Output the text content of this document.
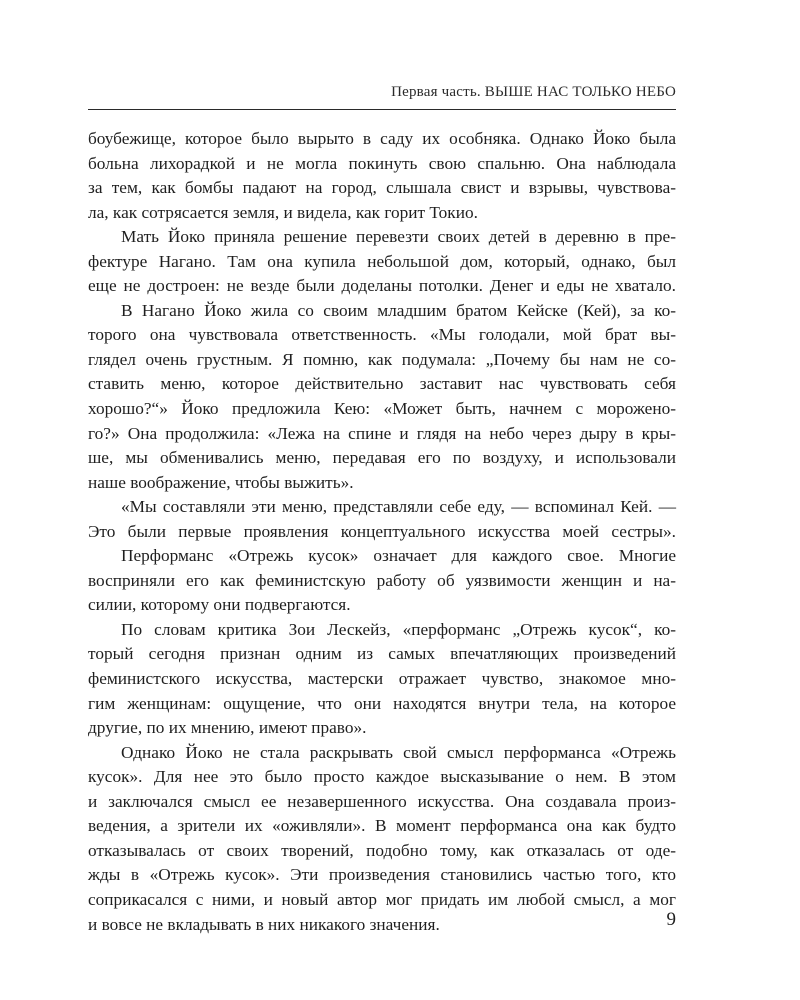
Первая часть. ВЫШЕ НАС ТОЛЬКО НЕБО

боубежище, которое было вырыто в саду их особняка. Однако Йоко была
больна лихорадкой и не могла покинуть свою спальню. Она наблюдала
за тем, как бомбы падают на город, слышала свист и взрывы, чувствова-
ла, как сотрясается земля, и видела, как горит Токио.

Мать Йоко приняла решение перевезти своих детей в деревню в пре-
фектуре Нагано. Там она купила небольшой дом, который, однако, был
еще не достроен: не везде были доделаны потолки. Денег и еды не хватало.

В Нагано Йоко жила со своим младшим братом Кейске (Кей), за ко-
торого она чувствовала ответственность. «Мы голодали, мой брат вы-
глядел очень грустным. Я помню, как подумала: „Почему бы нам не со-
ставить меню, которое действительно заставит нас чувствовать себя
хорошо?“» Йоко предложила Кею: «Может быть, начнем с морожено-
го?» Она продолжила: «Лежа на спине и глядя на небо через дыру в кры-
ше, мы обменивались меню, передавая его по воздуху, и использовали
наше воображение, чтобы выжить».

«Мы составляли эти меню, представляли себе еду, — вспоминал Кей. —
Это были первые проявления концептуального искусства моей сестры».

Перформанс «Отрежь кусок» означает для каждого свое. Многие
восприняли его как феминистскую работу об уязвимости женщин и на-
силии, которому они подвергаются.

По словам критика Зои Лескейз, «перформанс „Отрежь кусок“, ко-
торый сегодня признан одним из самых впечатляющих произведений
феминистского искусства, мастерски отражает чувство, знакомое мно-
гим женщинам: ощущение, что они находятся внутри тела, на которое
другие, по их мнению, имеют право».

Однако Йоко не стала раскрывать свой смысл перформанса «Отрежь
кусок». Для нее это было просто каждое высказывание о нем. В этом
и заключался смысл ее незавершенного искусства. Она создавала произ-
ведения, а зрители их «оживляли». В момент перформанса она как будто
отказывалась от своих творений, подобно тому, как отказалась от оде-
жды в «Отрежь кусок». Эти произведения становились частью того, кто
соприкасался с ними, и новый автор мог придать им любой смысл, а мог
и вовсе не вкладывать в них никакого значения.	9
